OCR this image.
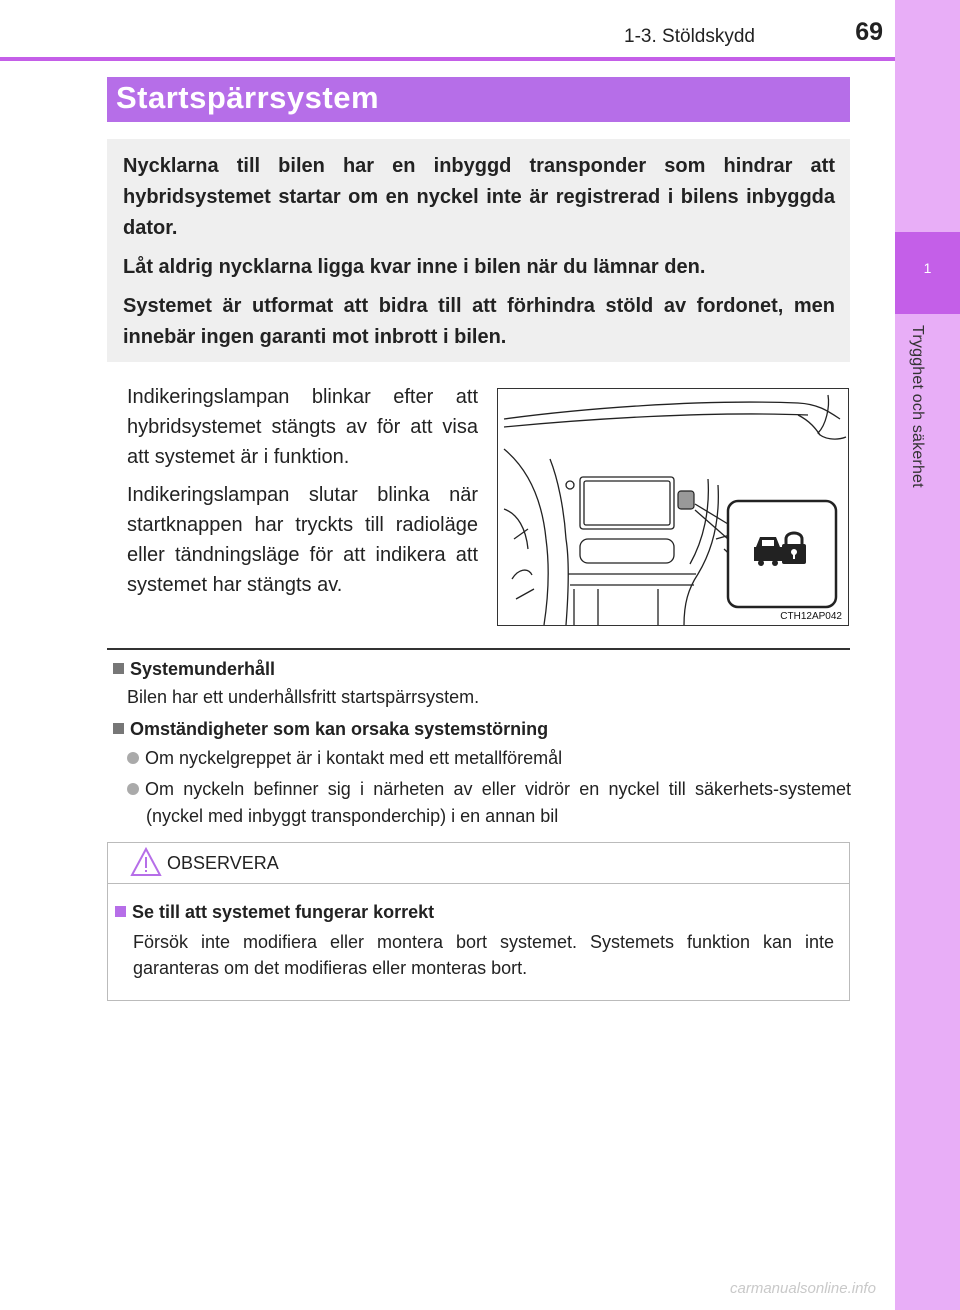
1
Trygghet och säkerhet
1-3. Stöldskydd	69
Startspärrsystem

Nycklarna till bilen har en inbyggd transponder som hindrar att hybridsystemet startar om en nyckel inte är registrerad i bilens inbyggda dator.

Låt aldrig nycklarna ligga kvar inne i bilen när du lämnar den.

Systemet är utformat att bidra till att förhindra stöld av fordonet, men innebär ingen garanti mot inbrott i bilen.

Indikeringslampan blinkar efter att hybridsystemet stängts av för att visa att systemet är i funktion.

Indikeringslampan slutar blinka när startknappen har tryckts till radioläge eller tändningsläge för att indikera att systemet har stängts av.

CTH12AP042
Systemunderhåll
Bilen har ett underhållsfritt startspärrsystem.
Omständigheter som kan orsaka systemstörning
Om nyckelgreppet är i kontakt med ett metallföremål
Om nyckeln befinner sig i närheten av eller vidrör en nyckel till säkerhets-systemet (nyckel med inbyggt transponderchip) i en annan bil
OBSERVERA
Se till att systemet fungerar korrekt
Försök inte modifiera eller montera bort systemet. Systemets funktion kan inte garanteras om det modifieras eller monteras bort.
carmanualsonline.info
